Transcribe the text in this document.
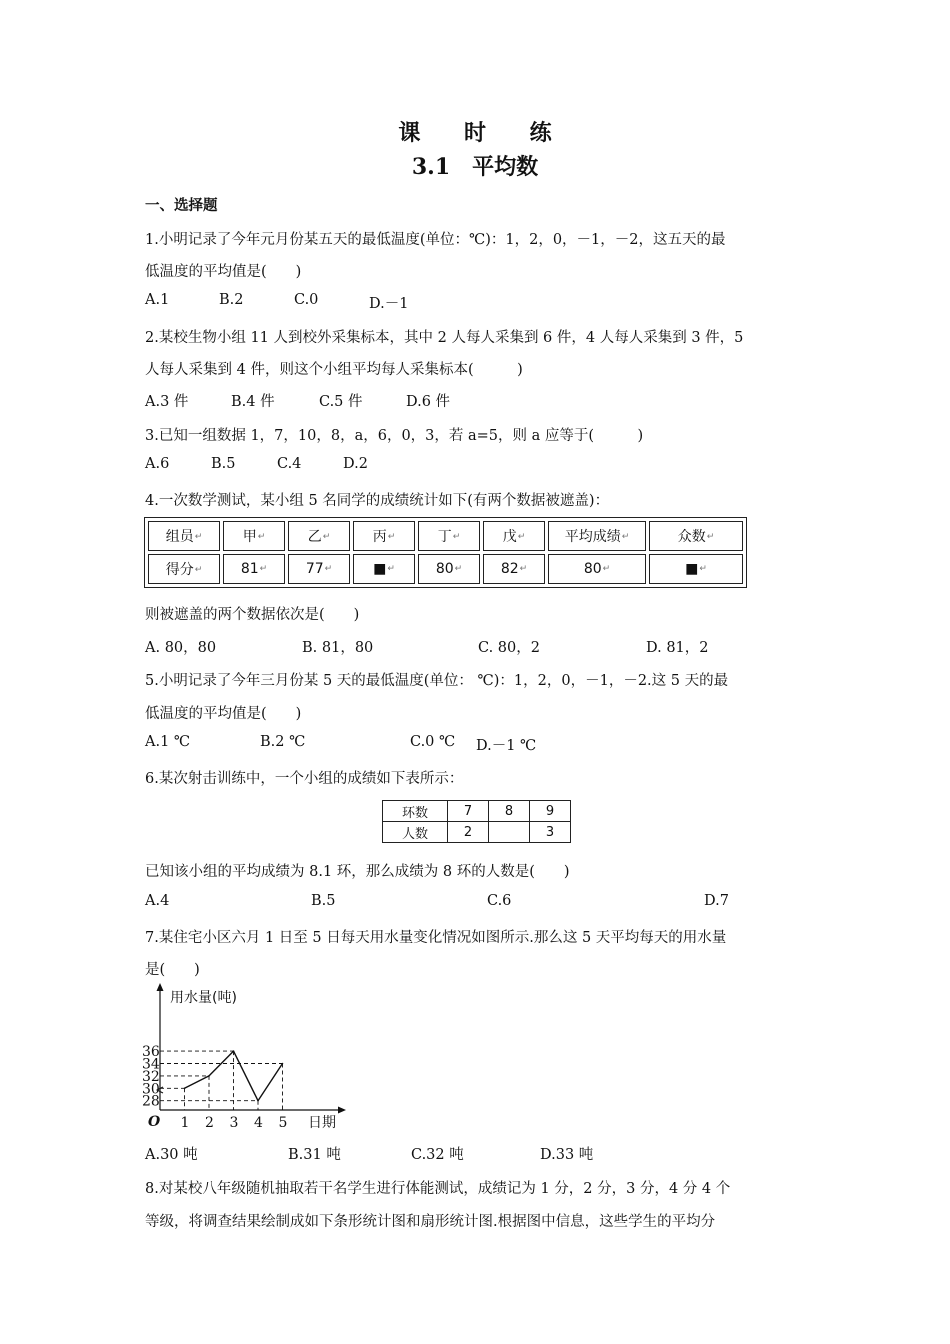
课 时 练
3.1　平均数
一、选择题
1.小明记录了今年元月份某五天的最低温度(单位：℃)：1，2，0，－1，－2，这五天的最
低温度的平均值是(　　)
A.1	B.2	C.0	D.－1
2.某校生物小组 11 人到校外采集标本，其中 2 人每人采集到 6 件，4 人每人采集到 3 件，5
人每人采集到 4 件，则这个小组平均每人采集标本(　　　)
A.3 件	B.4 件	C.5 件	D.6 件
3.已知一组数据 1，7，10，8，a，6，0，3，若 a=5，则 a 应等于(　　　)
A.6	B.5	C.4	D.2
4.一次数学测试，某小组 5 名同学的成绩统计如下(有两个数据被遮盖)：
组员↵	甲↵	乙↵	丙↵	丁↵	戊↵	平均成绩↵	众数↵
得分↵	81↵	77↵	■↵	80↵	82↵	80↵	■↵
则被遮盖的两个数据依次是(　　)
A. 80，80	B. 81，80	C. 80，2	D. 81，2
5.小明记录了今年三月份某 5 天的最低温度(单位： ℃)：1，2，0，－1，－2.这 5 天的最
低温度的平均值是(　　)
A.1 ℃	B.2 ℃	C.0 ℃ D.－1 ℃
6.某次射击训练中，一个小组的成绩如下表所示：
环数	7	8	9
人数	2		3
已知该小组的平均成绩为 8.1 环，那么成绩为 8 环的人数是(　　)
A.4	B.5	C.6	D.7
7.某住宅小区六月 1 日至 5 日每天用水量变化情况如图所示.那么这 5 天平均每天的用水量
是(　　)
用水量(吨)
日期
O
28
30
32
34
36
1 2 3 4 5
A.30 吨	B.31 吨	C.32 吨	D.33 吨
8.对某校八年级随机抽取若干名学生进行体能测试，成绩记为 1 分，2 分，3 分，4 分 4 个
等级，将调查结果绘制成如下条形统计图和扇形统计图.根据图中信息，这些学生的平均分
